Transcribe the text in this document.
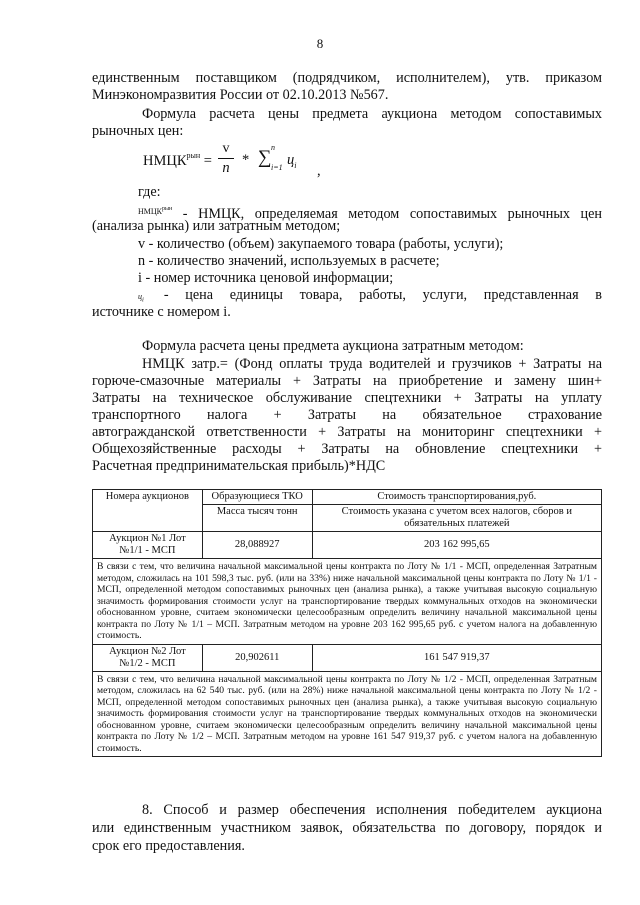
8

единственным поставщиком (подрядчиком, исполнителем), утв. приказом

Минэкономразвития России от 02.10.2013 №567.

Формула расчета цены предмета аукциона методом сопоставимых

рыночных цен:

$НМЦК^{рын}$ =
v
n * ∑ n
i=1 $ц_i$ ,

где:

$^{НМЦКрын}$ - НМЦК, определяемая методом сопоставимых рыночных цен

(анализа рынка) или затратным методом;

v - количество (объем) закупаемого товара (работы, услуги);

n - количество значений, используемых в расчете;

i - номер источника ценовой информации;

$ц_i$ - цена единицы товара, работы, услуги, представленная в

источнике с номером i.

Формула расчета цены предмета аукциона затратным методом:

НМЦК затр.= (Фонд оплаты труда водителей и грузчиков + Затраты на

горюче-смазочные материалы + Затраты на приобретение и замену шин+

Затраты на техническое обслуживание спецтехники + Затраты на уплату

транспортного налога + Затраты на обязательное страхование

автогражданской ответственности + Затраты на мониторинг спецтехники +

Общехозяйственные расходы + Затраты на обновление спецтехники +

Расчетная предпринимательская прибыль)*НДС

Номера аукционов	Образующиеся ТКО	Стоимость транспортирования,руб.
	Масса тысяч тонн	Стоимость указана с учетом всех налогов, сборов и обязательных платежей
Аукцион №1 Лот №1/1 - МСП	28,088927	203 162 995,65
В связи с тем, что величина начальной максимальной цены контракта по Лоту № 1/1 - МСП, определенная Затратным методом, сложилась на 101 598,3 тыс. руб. (или на 33%) ниже начальной максимальной цены контракта по Лоту № 1/1 - МСП, определенной методом сопоставимых рыночных цен (анализа рынка), а также учитывая высокую социальную значимость формирования стоимости услуг на транспортирование твердых коммунальных отходов на экономически обоснованном уровне, считаем экономически целесообразным определить величину начальной максимальной цены контракта по Лоту № 1/1 – МСП. Затратным методом на уровне 203 162 995,65 руб. с учетом налога на добавленную стоимость.		
Аукцион №2 Лот №1/2 - МСП	20,902611	161 547 919,37
В связи с тем, что величина начальной максимальной цены контракта по Лоту № 1/2 - МСП, определенная Затратным методом, сложилась на 62 540 тыс. руб. (или на 28%) ниже начальной максимальной цены контракта по Лоту № 1/2 - МСП, определенной методом сопоставимых рыночных цен (анализа рынка), а также учитывая высокую социальную значимость формирования стоимости услуг на транспортирование твердых коммунальных отходов на экономически обоснованном уровне, считаем экономически целесообразным определить величину начальной максимальной цены контракта по Лоту № 1/2 – МСП. Затратным методом на уровне 161 547 919,37 руб. с учетом налога на добавленную стоимость.		

8. Способ и размер обеспечения исполнения победителем аукциона

или единственным участником заявок, обязательства по договору, порядок и

срок его предоставления.
